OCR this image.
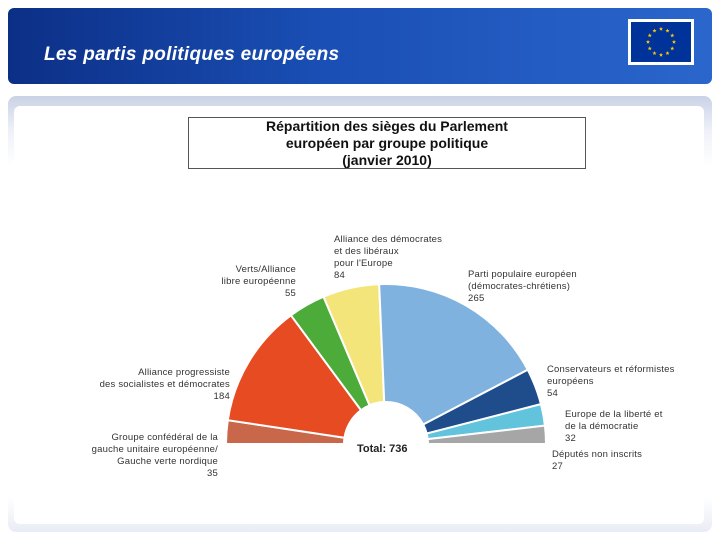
Les partis politiques européens
Répartition des sièges du Parlement
européen par groupe politique
(janvier 2010)
Groupe confédéral de la
gauche unitaire européenne/
Gauche verte nordique
35
Alliance progressiste
des socialistes et démocrates
184
Verts/Alliance
libre européenne
55
Alliance des démocrates
et des libéraux
pour l'Europe
84	Parti populaire européen
(démocrates-chrétiens)
265
Conservateurs et réformistes
européens
54
Europe de la liberté et
de la démocratie
32
Députés non inscrits
27
Total: 736
